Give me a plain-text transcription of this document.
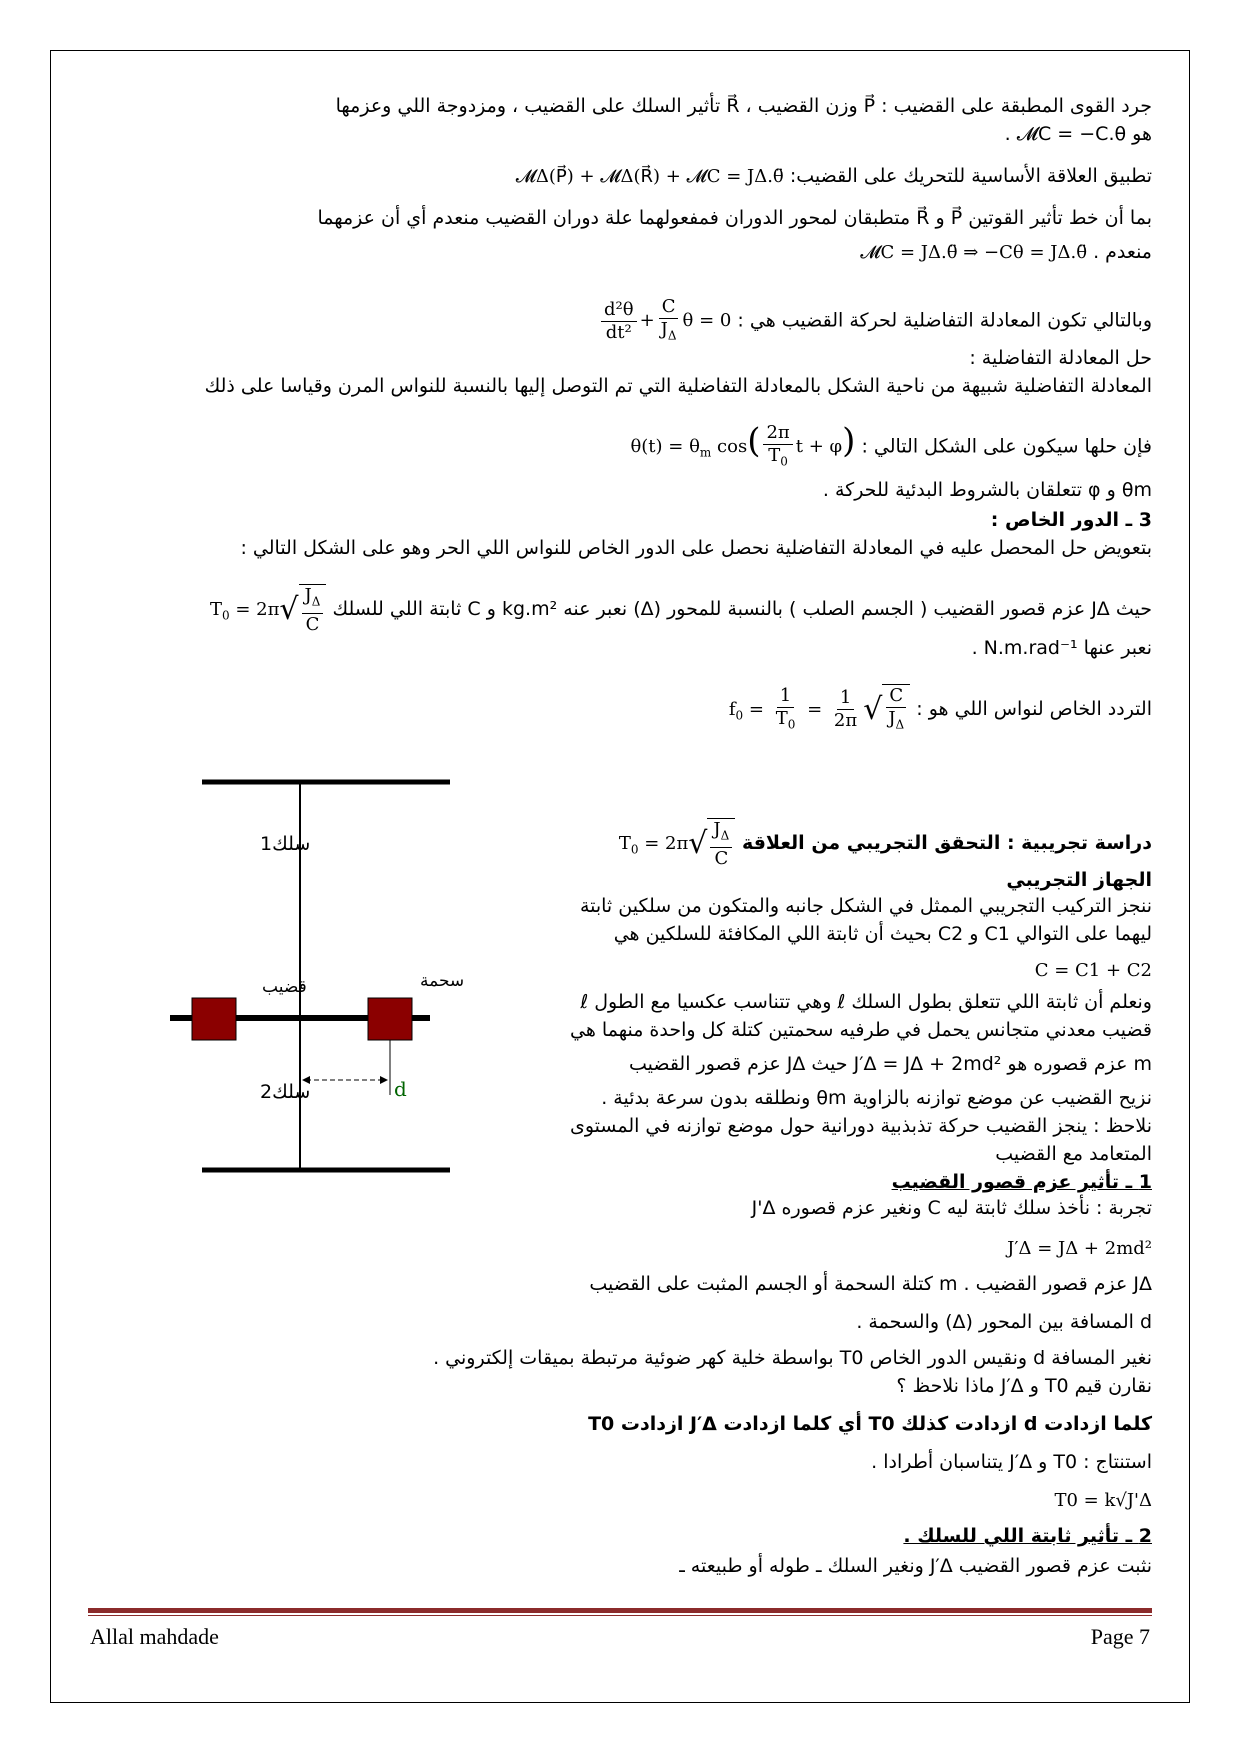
جرد القوى المطبقة على القضيب : P⃗ وزن القضيب ، R⃗ تأثير السلك على القضيب ، ومزدوجة اللي وعزمها
هو 𝓜C = −C.θ .
تطبيق العلاقة الأساسية للتحريك على القضيب: 𝓜Δ(P⃗) + 𝓜Δ(R⃗) + 𝓜C = JΔ.θ̈
بما أن خط تأثير القوتين P⃗ و R⃗ متطبقان لمحور الدوران فمفعولهما علة دوران القضيب منعدم أي أن عزمهما
منعدم . 𝓜C = JΔ.θ̈ ⇒ −Cθ = JΔ.θ̈
وبالتالي تكون المعادلة التفاضلية لحركة القضيب هي :
$\frac{\text{d²θ}}{\text{dt²}} + \frac{C}{J_\Delta}$ θ = 0
حل المعادلة التفاضلية :
المعادلة التفاضلية شبيهة من ناحية الشكل بالمعادلة التفاضلية التي تم التوصل إليها بالنسبة للنواس المرن وقياسا على ذلك
فإن حلها سيكون على الشكل التالي : $\theta(t) = \theta_m$ $\cos( \frac{2\pi}{T_0}$ t + φ)
θm و φ تتعلقان بالشروط البدئية للحركة .
3 ـ الدور الخاص :
بتعويض حل المحصل عليه في المعادلة التفاضلية نحصل على الدور الخاص للنواس اللي الحر وهو على الشكل التالي :
حيث JΔ عزم قصور القضيب ( الجسم الصلب ) بالنسبة للمحور (Δ) نعبر عنه kg.m² و C ثابتة اللي للسلك $T_0 = 2\pi√ \frac{J_\Delta}{C}$
نعبر عنها N.m.rad⁻¹ .
التردد الخاص لنواس اللي هو : $f_0 = \frac{1}{T_0} = \frac{1}{2\pi}$ √ $\frac{C}{J_\Delta}$
دراسة تجريبية : التحقق التجريبي من العلاقة $T_0 = 2\pi√ \frac{J_\Delta}{C}$
الجهاز التجريبي
ننجز التركيب التجريبي الممثل في الشكل جانبه والمتكون من سلكين ثابتة
ليهما على التوالي C1 و C2 بحيث أن ثابتة اللي المكافئة للسلكين هي
C = C1 + C2
ونعلم أن ثابتة اللي تتعلق بطول السلك ℓ وهي تتناسب عكسيا مع الطول ℓ
قضيب معدني متجانس يحمل في طرفيه سحمتين كتلة كل واحدة منهما هي
m عزم قصوره هو J′Δ = JΔ + 2md² حيث JΔ عزم قصور القضيب
نزيح القضيب عن موضع توازنه بالزاوية θm ونطلقه بدون سرعة بدئية .
نلاحظ : ينجز القضيب حركة تذبذبية دورانية حول موضع توازنه في المستوى
المتعامد مع القضيب
1 ـ تأثير عزم قصور القضيب
تجربة : نأخذ سلك ثابتة ليه C ونغير عزم قصوره J'Δ
J′Δ = JΔ + 2md²
JΔ عزم قصور القضيب . m كتلة السحمة أو الجسم المثبت على القضيب
d المسافة بين المحور (Δ) والسحمة .
نغير المسافة d ونقيس الدور الخاص T0 بواسطة خلية كهر ضوئية مرتبطة بميقات إلكتروني .
نقارن قيم T0 و J′Δ ماذا نلاحظ ؟
كلما ازدادت d ازدادت كذلك T0 أي كلما ازدادت J′Δ ازدادت T0
استنتاج : T0 و J′Δ يتناسبان أطرادا .
T0 = k√J'Δ
2 ـ تأثير ثابتة اللي للسلك .
نثبت عزم قصور القضيب J′Δ ونغير السلك ـ طوله أو طبيعته ـ
سلك1
سلك2
قضيب	سحمة
d
Allal mahdade	Page 7
